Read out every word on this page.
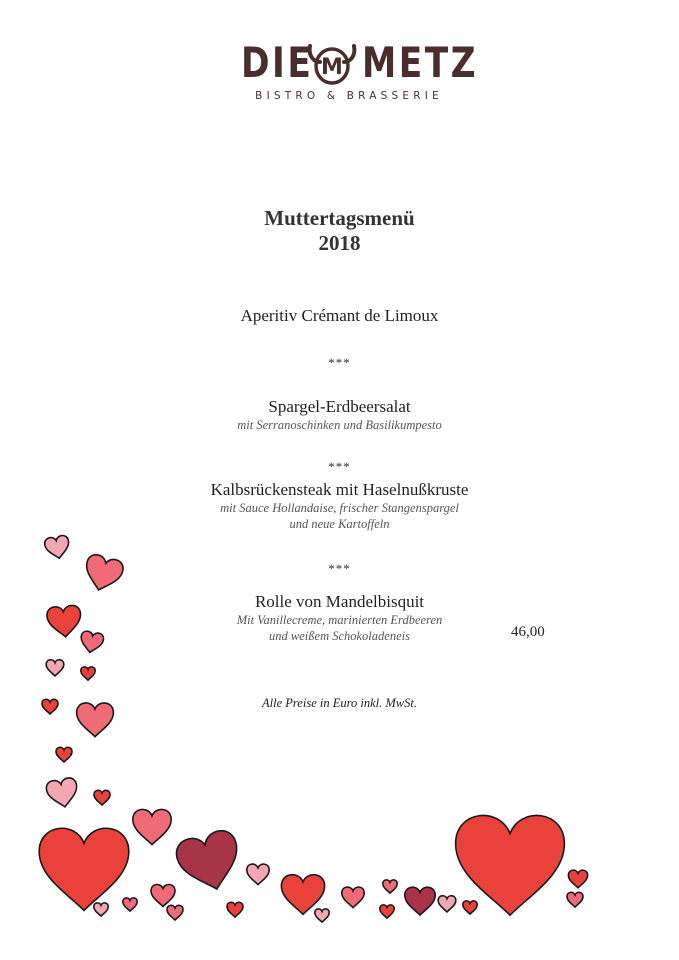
DIE M METZ
BISTRO & BRASSERIE
Muttertagsmenü
2018
Aperitiv Crémant de Limoux
***
Spargel-Erdbeersalat
mit Serranoschinken und Basilikumpesto
***
Kalbsrückensteak mit Haselnußkruste
mit Sauce Hollandaise, frischer Stangenspargel
und neue Kartoffeln
***
Rolle von Mandelbisquit
Mit Vanillecreme, marinierten Erdbeeren
und weißem Schokoladeneis	46,00
Alle Preise in Euro inkl. MwSt.
